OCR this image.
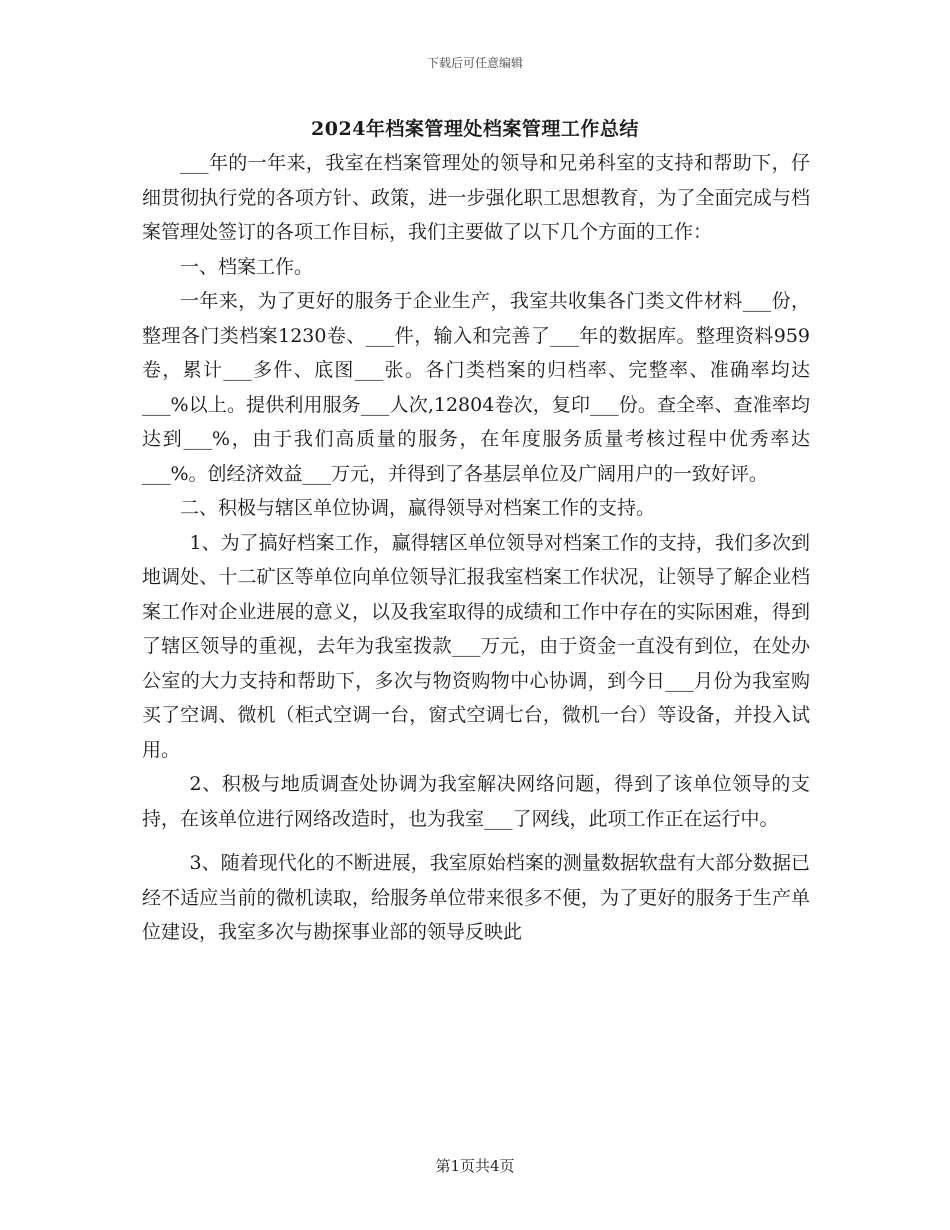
下载后可任意编辑
2024年档案管理处档案管理工作总结

___年的一年来，我室在档案管理处的领导和兄弟科室的支持和帮助下，仔细贯彻执行党的各项方针、政策，进一步强化职工思想教育，为了全面完成与档案管理处签订的各项工作目标，我们主要做了以下几个方面的工作：

一、档案工作。

一年来，为了更好的服务于企业生产，我室共收集各门类文件材料___份，整理各门类档案1230卷、___件，输入和完善了___年的数据库。整理资料959卷，累计___多件、底图___张。各门类档案的归档率、完整率、准确率均达___%以上。提供利用服务___人次,12804卷次，复印___份。查全率、查准率均达到___%，由于我们高质量的服务，在年度服务质量考核过程中优秀率达___%。创经济效益___万元，并得到了各基层单位及广阔用户的一致好评。

二、积极与辖区单位协调，赢得领导对档案工作的支持。

1、为了搞好档案工作，赢得辖区单位领导对档案工作的支持，我们多次到地调处、十二矿区等单位向单位领导汇报我室档案工作状况，让领导了解企业档案工作对企业进展的意义，以及我室取得的成绩和工作中存在的实际困难，得到了辖区领导的重视，去年为我室拨款___万元，由于资金一直没有到位，在处办公室的大力支持和帮助下，多次与物资购物中心协调，到今日___月份为我室购买了空调、微机（柜式空调一台，窗式空调七台，微机一台）等设备，并投入试用。

2、积极与地质调查处协调为我室解决网络问题，得到了该单位领导的支持，在该单位进行网络改造时，也为我室___了网线，此项工作正在运行中。

3、随着现代化的不断进展，我室原始档案的测量数据软盘有大部分数据已经不适应当前的微机读取，给服务单位带来很多不便，为了更好的服务于生产单位建设，我室多次与勘探事业部的领导反映此

第1页共4页
